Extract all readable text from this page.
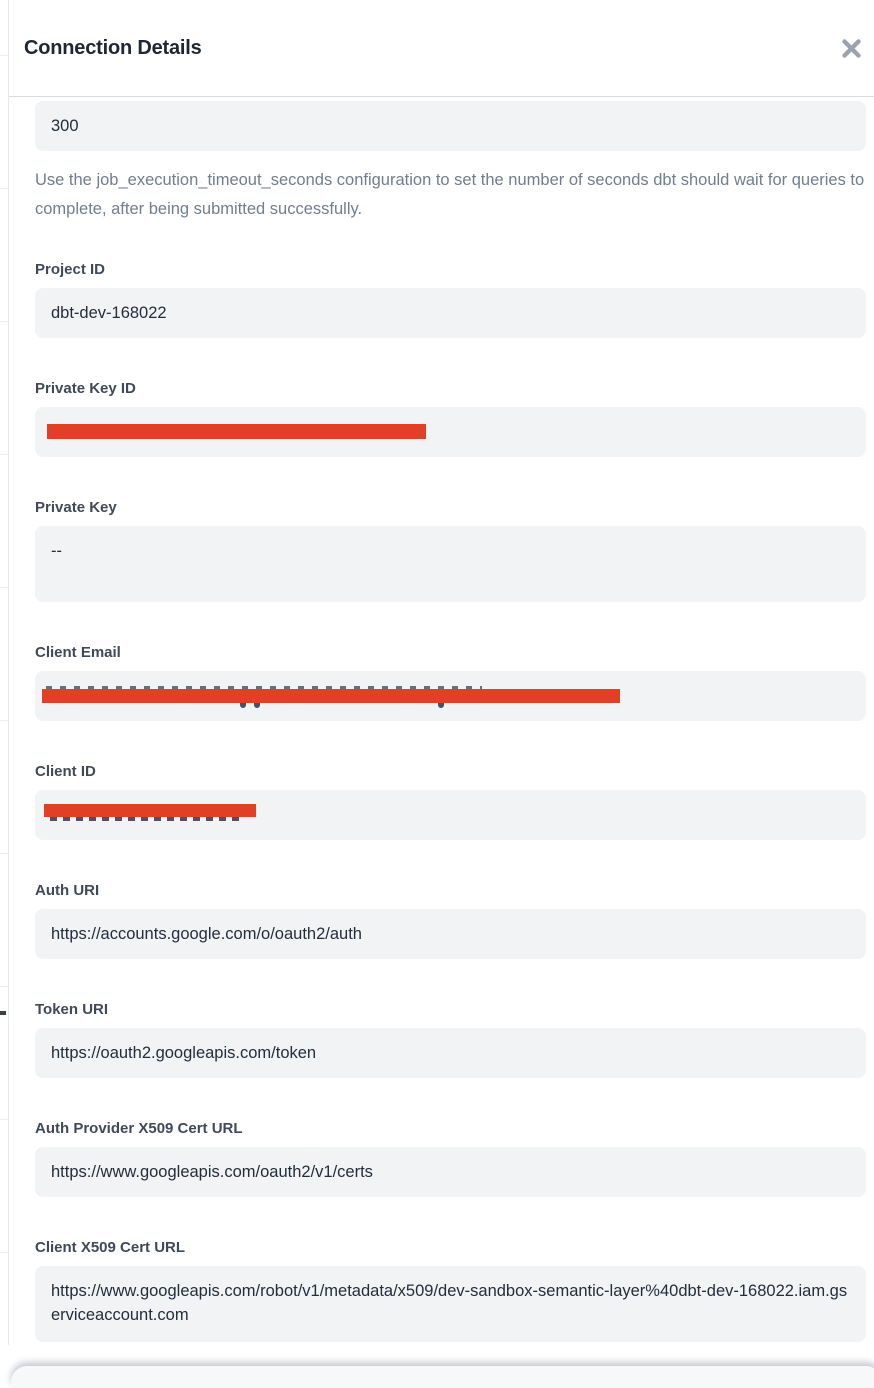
Connection Details
300
Use the job_execution_timeout_seconds configuration to set the number of seconds dbt should wait for queries to complete, after being submitted successfully.
Project ID
dbt-dev-168022
Private Key ID
Private Key
--
Client Email
Client ID
Auth URI
https://accounts.google.com/o/oauth2/auth
Token URI
https://oauth2.googleapis.com/token
Auth Provider X509 Cert URL
https://www.googleapis.com/oauth2/v1/certs
Client X509 Cert URL
https://www.googleapis.com/robot/v1/metadata/x509/dev-sandbox-semantic-layer%40dbt-dev-168022.iam.gserviceaccount.com
